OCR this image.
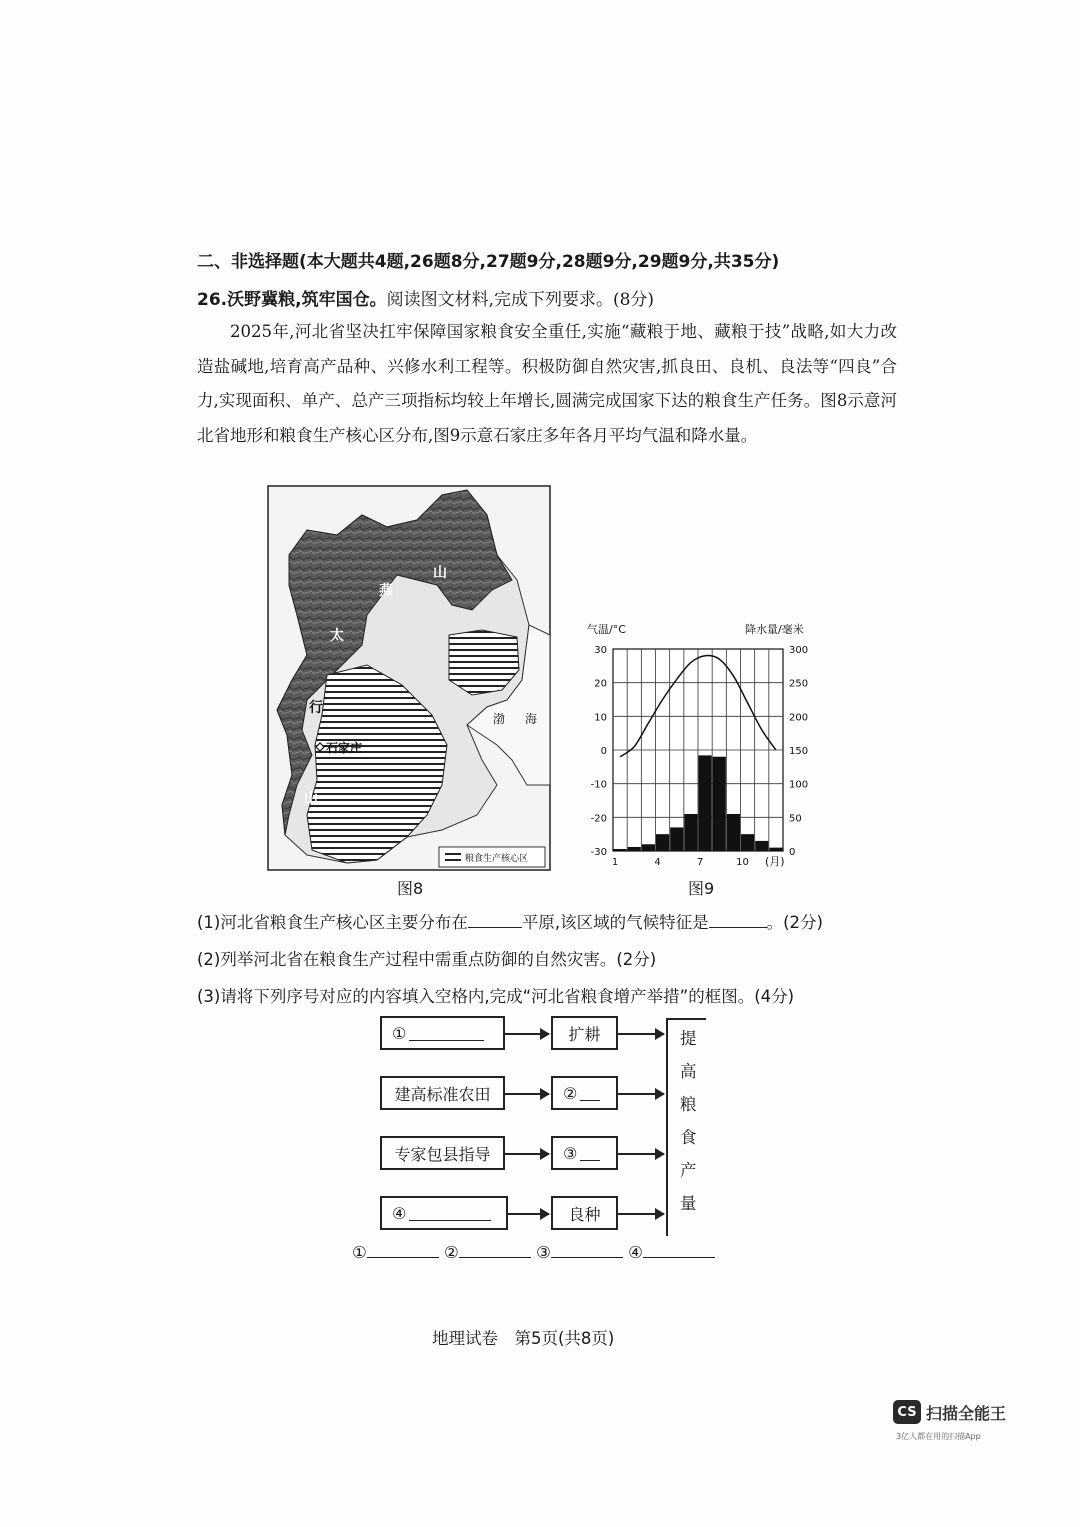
二、非选择题(本大题共4题,26题8分,27题9分,28题9分,29题9分,共35分)
26.沃野冀粮,筑牢国仓。阅读图文材料,完成下列要求。(8分)
2025年,河北省坚决扛牢保障国家粮食安全重任,实施“藏粮于地、藏粮于技”战略,如大力改造盐碱地,培育高产品种、兴修水利工程等。积极防御自然灾害,抓良田、良机、良法等“四良”合力,实现面积、单产、总产三项指标均较上年增长,圆满完成国家下达的粮食生产任务。图8示意河北省地形和粮食生产核心区分布,图9示意石家庄多年各月平均气温和降水量。
燕
山
太
行
山
渤 海
石家庄
粮食生产核心区
图8
气温/°C	降水量/毫米
30
20
10
0
-10
-20
-30
300
250
200
150
100
50
0
1	4	7	10 (月)
图9
(1)河北省粮食生产核心区主要分布在	平原,该区域的气候特征是	。(2分)
(2)列举河北省在粮食生产过程中需重点防御的自然灾害。(2分)
(3)请将下列序号对应的内容填入空格内,完成“河北省粮食增产举措”的框图。(4分)
①
建高标准农田
专家包县指导
④
扩耕
②
③
良种
提高粮食产量
①	②	③	④
地理试卷　第5页(共8页)
CS 扫描全能王
3亿人都在用的扫描App
